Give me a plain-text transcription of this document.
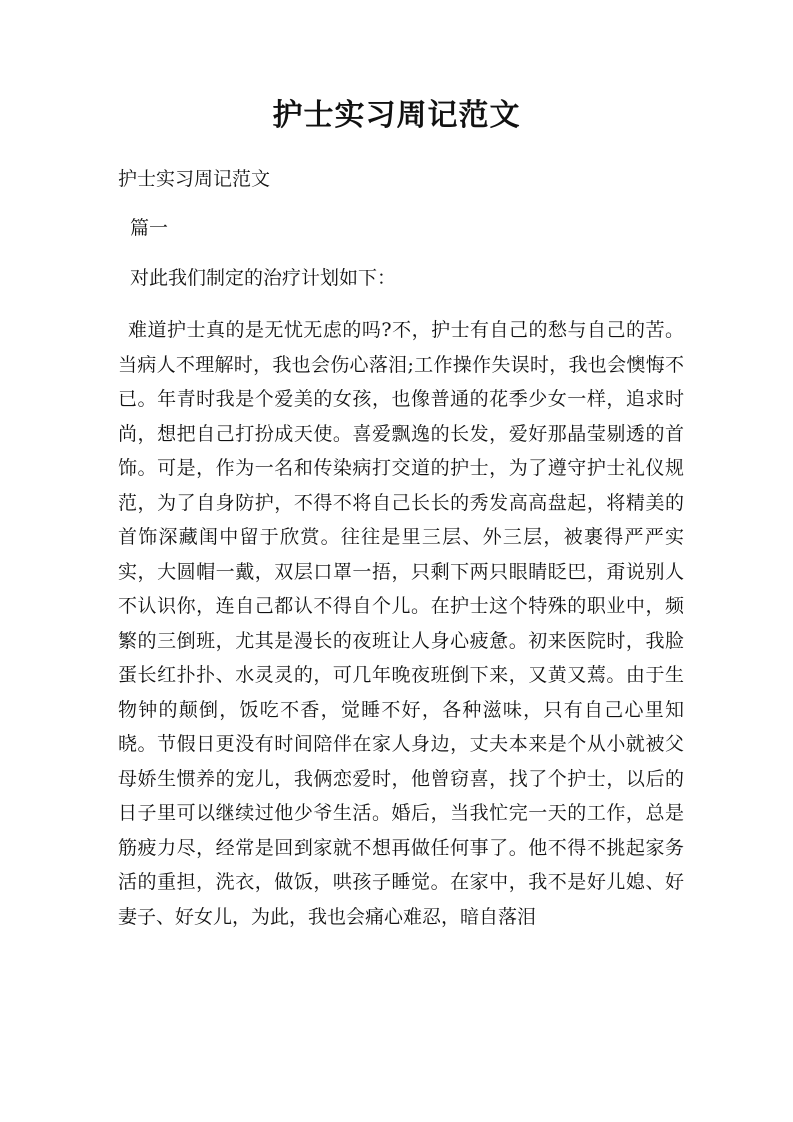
护士实习周记范文

护士实习周记范文

篇一

对此我们制定的治疗计划如下：

难道护士真的是无忧无虑的吗?不，护士有自己的愁与自己的苦。当病人不理解时，我也会伤心落泪;工作操作失误时，我也会懊悔不已。年青时我是个爱美的女孩，也像普通的花季少女一样，追求时尚，想把自己打扮成天使。喜爱飘逸的长发，爱好那晶莹剔透的首饰。可是，作为一名和传染病打交道的护士，为了遵守护士礼仪规范，为了自身防护，不得不将自己长长的秀发高高盘起，将精美的首饰深藏闺中留于欣赏。往往是里三层、外三层，被裹得严严实实，大圆帽一戴，双层口罩一捂，只剩下两只眼睛眨巴，甭说别人不认识你，连自己都认不得自个儿。在护士这个特殊的职业中，频繁的三倒班，尤其是漫长的夜班让人身心疲惫。初来医院时，我脸蛋长红扑扑、水灵灵的，可几年晚夜班倒下来，又黄又蔫。由于生物钟的颠倒，饭吃不香，觉睡不好，各种滋味，只有自己心里知晓。节假日更没有时间陪伴在家人身边，丈夫本来是个从小就被父母娇生惯养的宠儿，我俩恋爱时，他曾窃喜，找了个护士，以后的日子里可以继续过他少爷生活。婚后，当我忙完一天的工作，总是筋疲力尽，经常是回到家就不想再做任何事了。他不得不挑起家务活的重担，洗衣，做饭，哄孩子睡觉。在家中，我不是好儿媳、好妻子、好女儿，为此，我也会痛心难忍，暗自落泪
